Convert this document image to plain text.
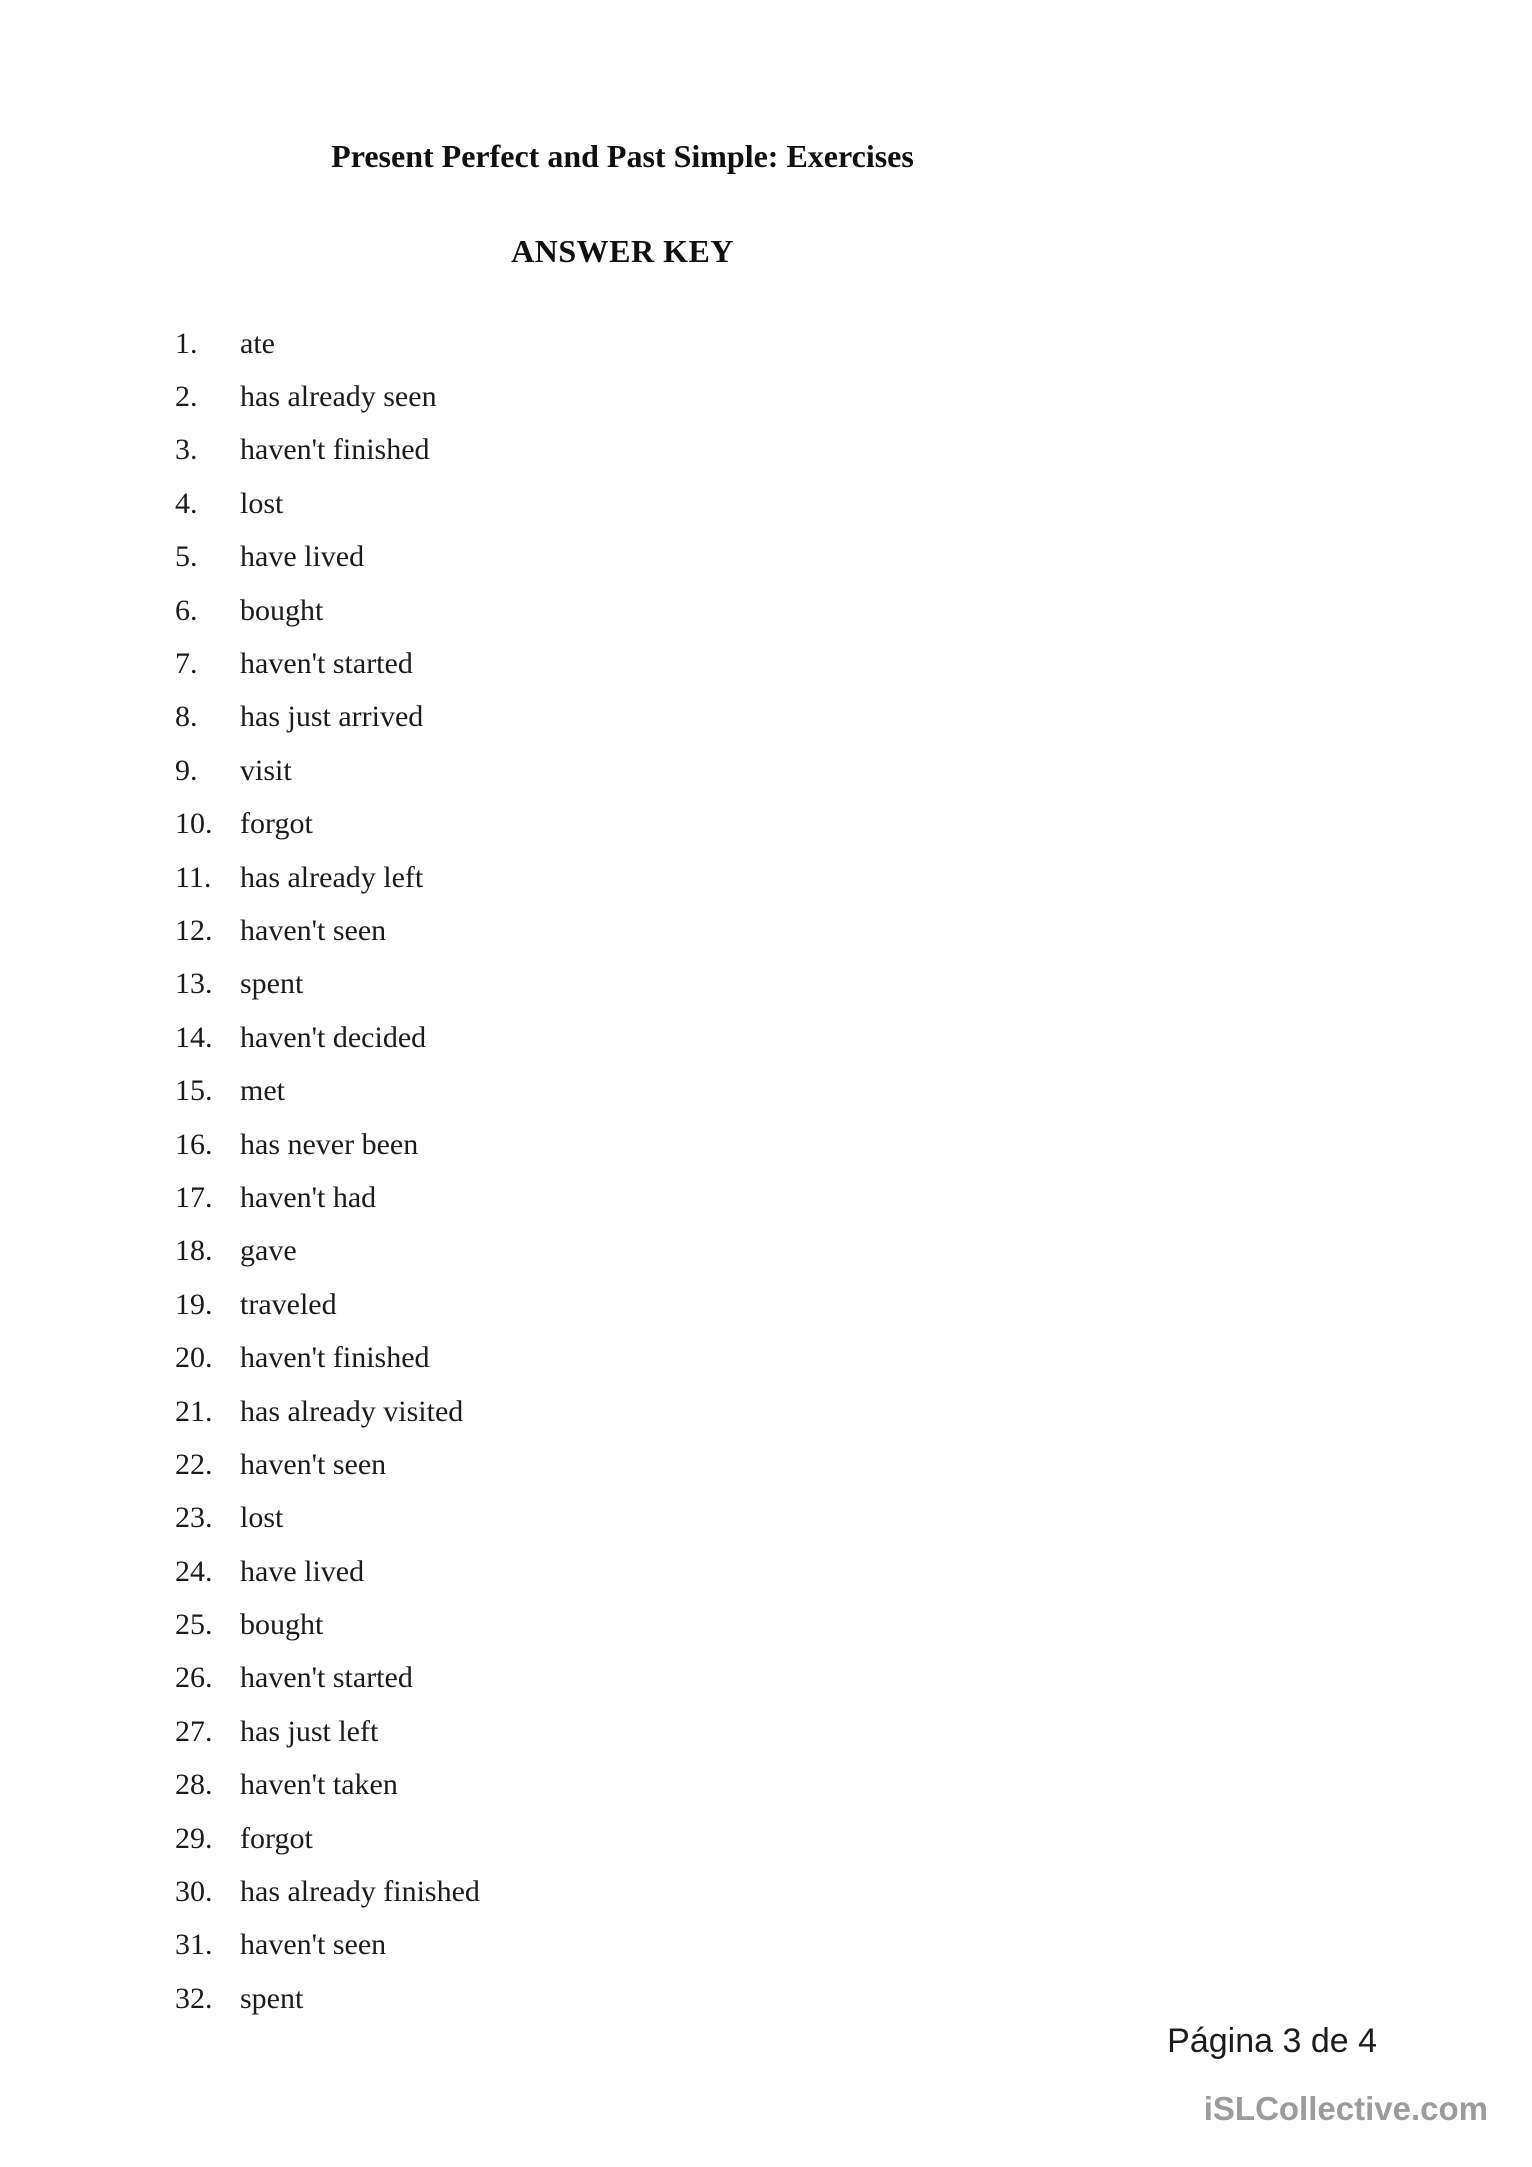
Present Perfect and Past Simple: Exercises
ANSWER KEY
1.	ate
2.	has already seen
3.	haven't finished
4.	lost
5.	have lived
6.	bought
7.	haven't started
8.	has just arrived
9.	visit
10. forgot
11. has already left
12. haven't seen
13. spent
14. haven't decided
15. met
16. has never been
17. haven't had
18. gave
19. traveled
20. haven't finished
21. has already visited
22. haven't seen
23. lost
24. have lived
25. bought
26. haven't started
27. has just left
28. haven't taken
29. forgot
30. has already finished
31. haven't seen
32. spent
Página 3 de 4
iSLCollective.com
